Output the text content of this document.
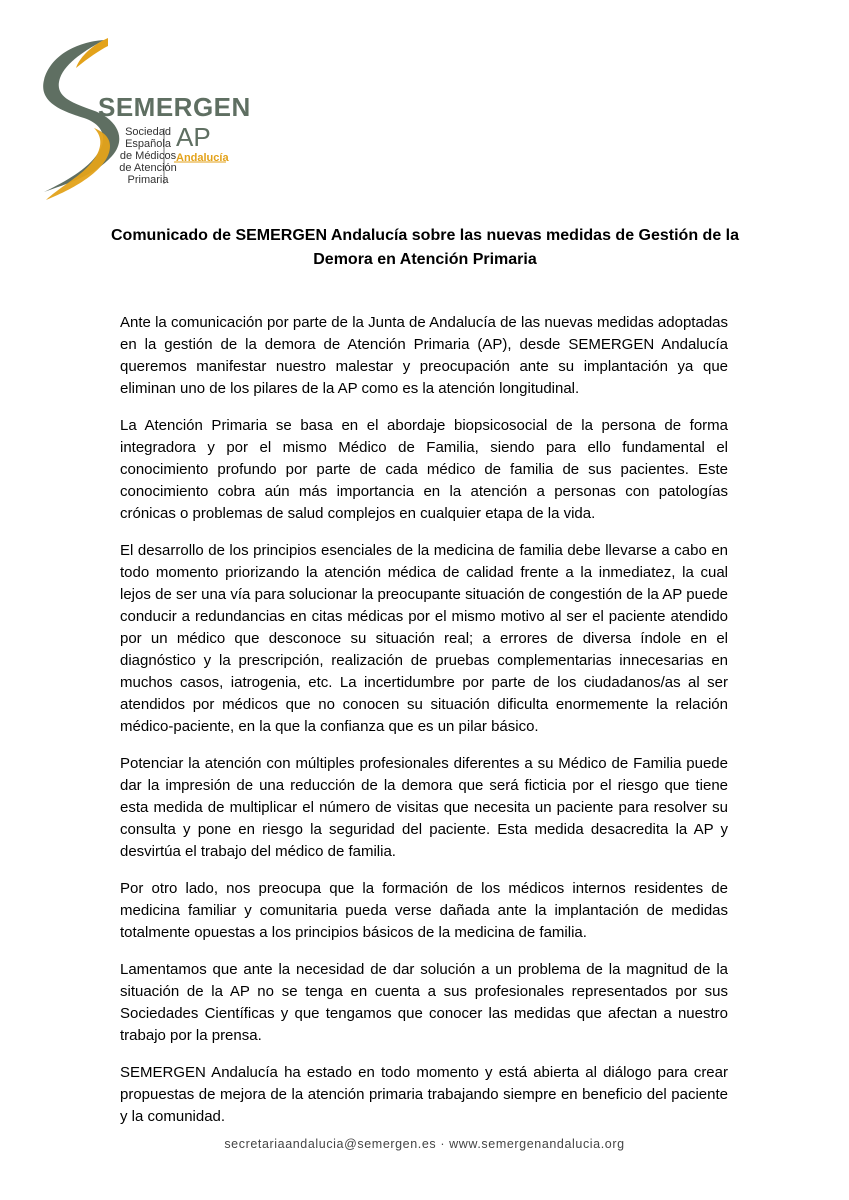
SEMERGEN
Sociedad
Española
de Médicos
de Atención
Primaria
AP
Andalucía
Comunicado de SEMERGEN Andalucía sobre las nuevas medidas de Gestión de la Demora en Atención Primaria

Ante la comunicación por parte de la Junta de Andalucía de las nuevas medidas adoptadas en la gestión de la demora de Atención Primaria (AP), desde SEMERGEN Andalucía queremos manifestar nuestro malestar y preocupación ante su implantación ya que eliminan uno de los pilares de la AP como es la atención longitudinal.

La Atención Primaria se basa en el abordaje biopsicosocial de la persona de forma integradora y por el mismo Médico de Familia, siendo para ello fundamental el conocimiento profundo por parte de cada médico de familia de sus pacientes. Este conocimiento cobra aún más importancia en la atención a personas con patologías crónicas o problemas de salud complejos en cualquier etapa de la vida.

El desarrollo de los principios esenciales de la medicina de familia debe llevarse a cabo en todo momento priorizando la atención médica de calidad frente a la inmediatez, la cual lejos de ser una vía para solucionar la preocupante situación de congestión de la AP puede conducir a redundancias en citas médicas por el mismo motivo al ser el paciente atendido por un médico que desconoce su situación real; a errores de diversa índole en el diagnóstico y la prescripción, realización de pruebas complementarias innecesarias en muchos casos, iatrogenia, etc. La incertidumbre por parte de los ciudadanos/as al ser atendidos por médicos que no conocen su situación dificulta enormemente la relación médico-paciente, en la que la confianza que es un pilar básico.

Potenciar la atención con múltiples profesionales diferentes a su Médico de Familia puede dar la impresión de una reducción de la demora que será ficticia por el riesgo que tiene esta medida de multiplicar el número de visitas que necesita un paciente para resolver su consulta y pone en riesgo la seguridad del paciente. Esta medida desacredita la AP y desvirtúa el trabajo del médico de familia.

Por otro lado, nos preocupa que la formación de los médicos internos residentes de medicina familiar y comunitaria pueda verse dañada ante la implantación de medidas totalmente opuestas a los principios básicos de la medicina de familia.

Lamentamos que ante la necesidad de dar solución a un problema de la magnitud de la situación de la AP no se tenga en cuenta a sus profesionales representados por sus Sociedades Científicas y que tengamos que conocer las medidas que afectan a nuestro trabajo por la prensa.

SEMERGEN Andalucía ha estado en todo momento y está abierta al diálogo para crear propuestas de mejora de la atención primaria trabajando siempre en beneficio del paciente y la comunidad.

secretariaandalucia@semergen.es · www.semergenandalucia.org
